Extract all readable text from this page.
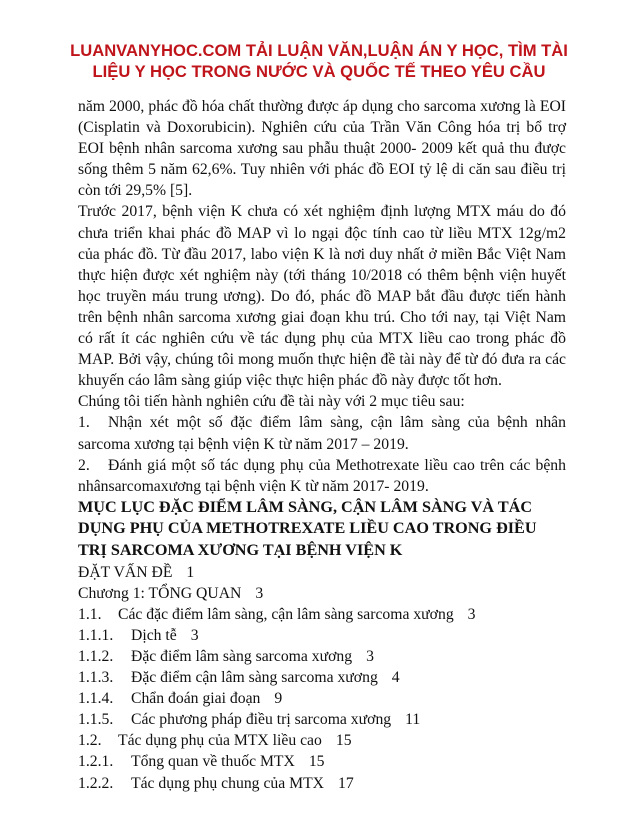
LUANVANYHOC.COM TẢI LUẬN VĂN,LUẬN ÁN Y HỌC, TÌM TÀI
LIỆU Y HỌC TRONG NƯỚC VÀ QUỐC TẾ THEO YÊU CẦU

năm 2000, phác đồ hóa chất thường được áp dụng cho sarcoma xương là EOI (Cisplatin và Doxorubicin). Nghiên cứu của Trần Văn Công hóa trị bổ trợ EOI bệnh nhân sarcoma xương sau phẫu thuật 2000- 2009 kết quả thu được sống thêm 5 năm 62,6%. Tuy nhiên với phác đồ EOI tỷ lệ di căn sau điều trị còn tới 29,5% [5].

Trước 2017, bệnh viện K chưa có xét nghiệm định lượng MTX máu do đó chưa triển khai phác đồ MAP vì lo ngại độc tính cao từ liều MTX 12g/m2 của phác đồ. Từ đầu 2017, labo viện K là nơi duy nhất ở miền Bắc Việt Nam thực hiện được xét nghiệm này (tới tháng 10/2018 có thêm bệnh viện huyết học truyền máu trung ương). Do đó, phác đồ MAP bắt đầu được tiến hành trên bệnh nhân sarcoma xương giai đoạn khu trú. Cho tới nay, tại Việt Nam có rất ít các nghiên cứu về tác dụng phụ của MTX liều cao trong phác đồ MAP. Bởi vậy, chúng tôi mong muốn thực hiện đề tài này để từ đó đưa ra các khuyến cáo lâm sàng giúp việc thực hiện phác đồ này được tốt hơn.

Chúng tôi tiến hành nghiên cứu đề tài này với 2 mục tiêu sau:

1. Nhận xét một số đặc điểm lâm sàng, cận lâm sàng của bệnh nhân sarcoma xương tại bệnh viện K từ năm 2017 – 2019.

2. Đánh giá một số tác dụng phụ của Methotrexate liều cao trên các bệnh nhânsarcomaxương tại bệnh viện K từ năm 2017- 2019.

MỤC LỤC ĐẶC ĐIỂM LÂM SÀNG, CẬN LÂM SÀNG VÀ TÁC DỤNG PHỤ CỦA METHOTREXATE LIỀU CAO TRONG ĐIỀU TRỊ SARCOMA XƯƠNG TẠI BỆNH VIỆN K

ĐẶT VẤN ĐỀ 1
Chương 1: TỔNG QUAN 3
1.1. Các đặc điểm lâm sàng, cận lâm sàng sarcoma xương 3
1.1.1. Dịch tễ 3
1.1.2. Đặc điểm lâm sàng sarcoma xương 3
1.1.3. Đặc điểm cận lâm sàng sarcoma xương 4
1.1.4. Chẩn đoán giai đoạn 9
1.1.5. Các phương pháp điều trị sarcoma xương 11
1.2. Tác dụng phụ của MTX liều cao 15
1.2.1. Tổng quan về thuốc MTX 15
1.2.2. Tác dụng phụ chung của MTX 17
